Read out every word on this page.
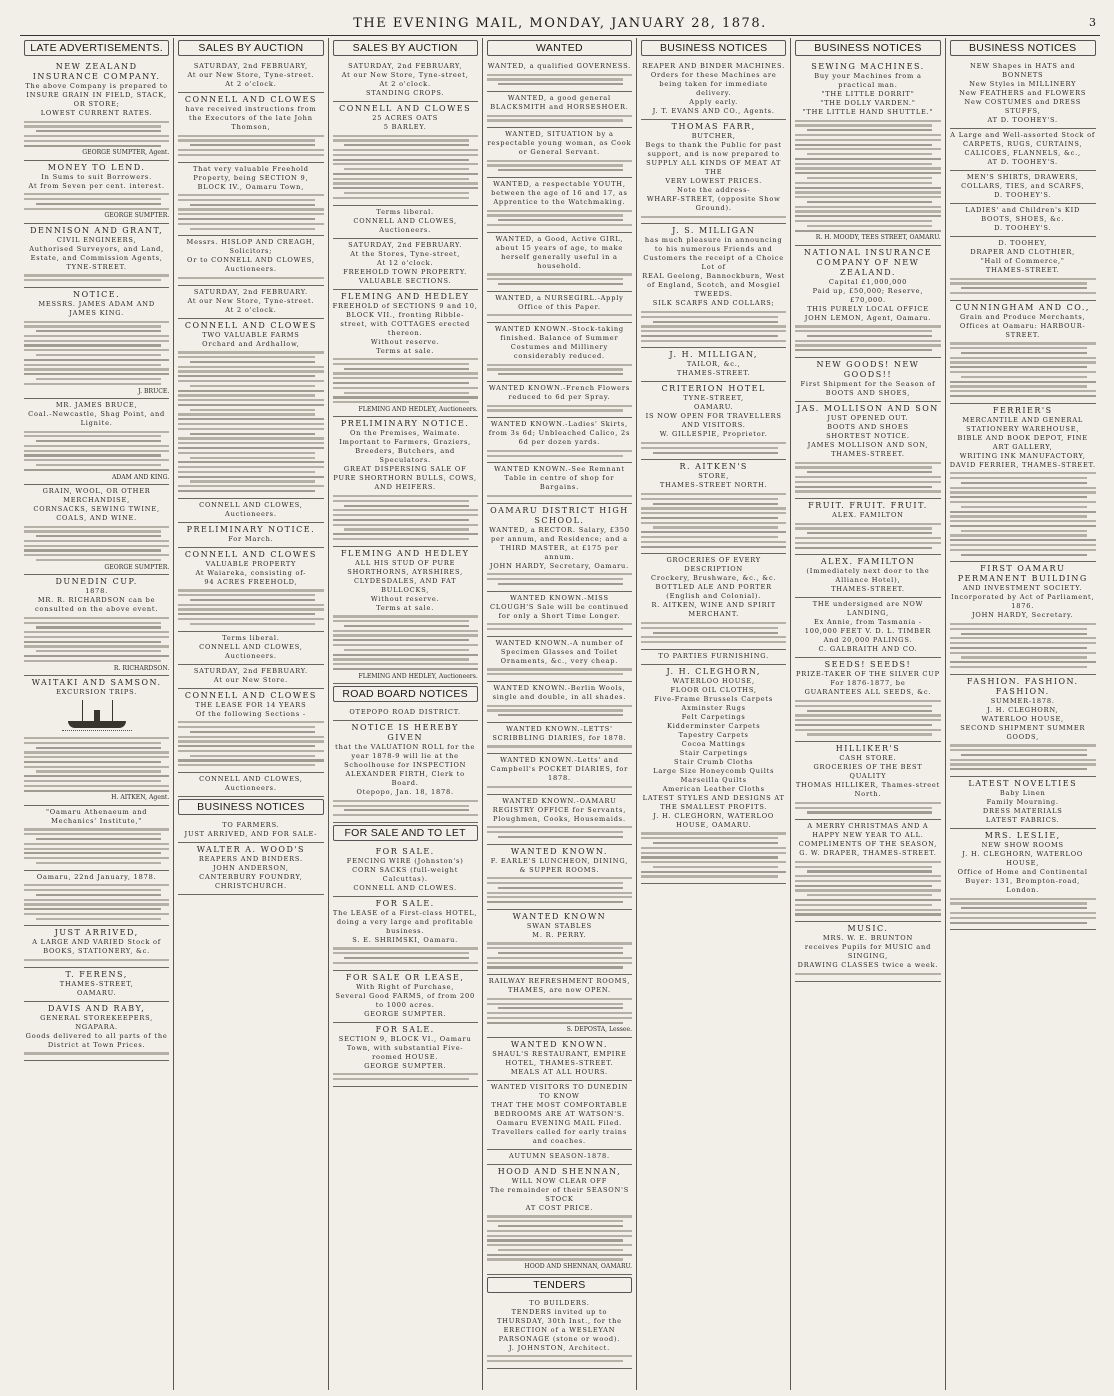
THE EVENING MAIL, MONDAY, JANUARY 28, 1878.	3
LATE ADVERTISEMENTS.

NEW ZEALAND INSURANCE COMPANY.

The above Company is prepared to INSURE GRAIN IN FIELD, STACK, OR STORE;

LOWEST CURRENT RATES.

GEORGE SUMPTER, Agent.

MONEY TO LEND.

In Sums to suit Borrowers.

At from Seven per cent. interest.

GEORGE SUMPTER.

DENNISON AND GRANT,

CIVIL ENGINEERS,

Authorised Surveyors, and Land, Estate, and Commission Agents,

TYNE-STREET.

NOTICE.

MESSRS. JAMES ADAM AND JAMES KING.

J. BRUCE.

MR. JAMES BRUCE,

Coal.-Newcastle, Shag Point, and Lignite.

ADAM AND KING.

GRAIN, WOOL, OR OTHER MERCHANDISE,

CORNSACKS, SEWING TWINE, COALS, AND WINE.

GEORGE SUMPTER.

DUNEDIN CUP.

1878.

MR. R. RICHARDSON can be consulted on the above event.

R. RICHARDSON.

WAITAKI AND SAMSON.

EXCURSION TRIPS.

H. AITKEN, Agent.

"Oamaru Athenaeum and Mechanics' Institute,"

Oamaru, 22nd January, 1878.

JUST ARRIVED,

A LARGE AND VARIED Stock of BOOKS, STATIONERY, &c.

T. FERENS,

THAMES-STREET,

OAMARU.

DAVIS AND RABY,

GENERAL STOREKEEPERS,

NGAPARA.

Goods delivered to all parts of the District at Town Prices.

SALES BY AUCTION

SATURDAY, 2nd FEBRUARY,

At our New Store, Tyne-street.

At 2 o'clock.

CONNELL AND CLOWES

have received instructions from the Executors of the late John Thomson,

That very valuable Freehold Property, being SECTION 9, BLOCK IV., Oamaru Town,

Messrs. HISLOP AND CREAGH, Solicitors;

Or to CONNELL AND CLOWES, Auctioneers.

SATURDAY, 2nd FEBRUARY.

At our New Store, Tyne-street.

At 2 o'clock.

CONNELL AND CLOWES

TWO VALUABLE FARMS

Orchard and Ardhallow,

CONNELL AND CLOWES, Auctioneers.

PRELIMINARY NOTICE.

For March.

CONNELL AND CLOWES

VALUABLE PROPERTY

At Waiareka, consisting of-

94 ACRES FREEHOLD,

Terms liberal.

CONNELL AND CLOWES, Auctioneers.

SATURDAY, 2nd FEBRUARY.

At our New Store.

CONNELL AND CLOWES

THE LEASE FOR 14 YEARS

Of the following Sections -

CONNELL AND CLOWES, Auctioneers.

BUSINESS NOTICES

TO FARMERS.

JUST ARRIVED, AND FOR SALE-

WALTER A. WOOD'S

REAPERS AND BINDERS.

JOHN ANDERSON,

CANTERBURY FOUNDRY,

CHRISTCHURCH.

SALES BY AUCTION

SATURDAY, 2nd FEBRUARY,

At our New Store, Tyne-street,

At 2 o'clock.

STANDING CROPS.

CONNELL AND CLOWES

25 ACRES OATS

5 BARLEY.

Terms liberal.

CONNELL AND CLOWES, Auctioneers.

SATURDAY, 2nd FEBRUARY.

At the Stores, Tyne-street,

At 12 o'clock.

FREEHOLD TOWN PROPERTY.

VALUABLE SECTIONS.

FLEMING AND HEDLEY

FREEHOLD of SECTIONS 9 and 10, BLOCK VII., fronting Ribble-street, with COTTAGES erected thereon.

Without reserve.

Terms at sale.

FLEMING AND HEDLEY, Auctioneers.

PRELIMINARY NOTICE.

On the Premises, Waimate.

Important to Farmers, Graziers, Breeders, Butchers, and Speculators.

GREAT DISPERSING SALE OF PURE SHORTHORN BULLS, COWS, AND HEIFERS.

FLEMING AND HEDLEY

ALL HIS STUD OF PURE SHORTHORNS, AYRSHIRES, CLYDESDALES, AND FAT BULLOCKS,

Without reserve.

Terms at sale.

FLEMING AND HEDLEY, Auctioneers.

ROAD BOARD NOTICES

OTEPOPO ROAD DISTRICT.

NOTICE IS HEREBY GIVEN

that the VALUATION ROLL for the year 1878-9 will lie at the Schoolhouse for INSPECTION

ALEXANDER FIRTH, Clerk to Board.

Otepopo, Jan. 18, 1878.

FOR SALE AND TO LET

FOR SALE.

FENCING WIRE (Johnston's)

CORN SACKS (full-weight Calcuttas).

CONNELL AND CLOWES.

FOR SALE.

The LEASE of a First-class HOTEL, doing a very large and profitable business.

S. E. SHRIMSKI, Oamaru.

FOR SALE OR LEASE,

With Right of Purchase,

Several Good FARMS, of from 200 to 1000 acres.

GEORGE SUMPTER.

FOR SALE.

SECTION 9, BLOCK VI., Oamaru Town, with substantial Five-roomed HOUSE.

GEORGE SUMPTER.

WANTED

WANTED, a qualified GOVERNESS.

WANTED, a good general BLACKSMITH and HORSESHOER.

WANTED, SITUATION by a respectable young woman, as Cook or General Servant.

WANTED, a respectable YOUTH, between the age of 16 and 17, as Apprentice to the Watchmaking.

WANTED, a Good, Active GIRL, about 15 years of age, to make herself generally useful in a household.

WANTED, a NURSEGIRL.-Apply Office of this Paper.

WANTED KNOWN.-Stock-taking finished. Balance of Summer Costumes and Millinery considerably reduced.

WANTED KNOWN.-French Flowers reduced to 6d per Spray.

WANTED KNOWN.-Ladies' Skirts, from 3s 6d; Unbleached Calico, 2s 6d per dozen yards.

WANTED KNOWN.-See Remnant Table in centre of shop for Bargains.

OAMARU DISTRICT HIGH SCHOOL.

WANTED, a RECTOR. Salary, £350 per annum, and Residence; and a THIRD MASTER, at £175 per annum.

JOHN HARDY, Secretary, Oamaru.

WANTED KNOWN.-MISS CLOUGH'S Sale will be continued for only a Short Time Longer.

WANTED KNOWN.-A number of Specimen Glasses and Toilet Ornaments, &c., very cheap.

WANTED KNOWN.-Berlin Wools, single and double, in all shades.

WANTED KNOWN.-LETTS' SCRIBBLING DIARIES, for 1878.

WANTED KNOWN.-Letts' and Campbell's POCKET DIARIES, for 1878.

WANTED KNOWN.-OAMARU REGISTRY OFFICE for Servants, Ploughmen, Cooks, Housemaids.

WANTED KNOWN.

F. EARLE'S LUNCHEON, DINING, & SUPPER ROOMS.

WANTED KNOWN

SWAN STABLES

M. R. PERRY.

RAILWAY REFRESHMENT ROOMS, THAMES, are now OPEN.

S. DEPOSTA, Lessee.

WANTED KNOWN.

SHAUL'S RESTAURANT, EMPIRE HOTEL, THAMES-STREET.

MEALS AT ALL HOURS.

WANTED VISITORS TO DUNEDIN TO KNOW

THAT THE MOST COMFORTABLE BEDROOMS ARE AT WATSON'S.

Oamaru EVENING MAIL Filed.

Travellers called for early trains and coaches.

AUTUMN SEASON-1878.

HOOD AND SHENNAN,

WILL NOW CLEAR OFF

The remainder of their SEASON'S STOCK

AT COST PRICE.

HOOD AND SHENNAN, OAMARU.

TENDERS

TO BUILDERS.

TENDERS invited up to THURSDAY, 30th Inst., for the ERECTION of a WESLEYAN PARSONAGE (stone or wood).

J. JOHNSTON, Architect.

BUSINESS NOTICES

REAPER AND BINDER MACHINES.

Orders for these Machines are being taken for immediate delivery.

Apply early.

J. T. EVANS AND CO., Agents.

THOMAS FARR,

BUTCHER,

Begs to thank the Public for past support, and is now prepared to

SUPPLY ALL KINDS OF MEAT AT THE

VERY LOWEST PRICES.

Note the address-

WHARF-STREET, (opposite Show Ground).

J. S. MILLIGAN

has much pleasure in announcing to his numerous Friends and Customers the receipt of a Choice Lot of

REAL Geelong, Bannockburn, West of England, Scotch, and Mosgiel TWEEDS.

SILK SCARFS AND COLLARS;

J. H. MILLIGAN,

TAILOR, &c.,

THAMES-STREET.

CRITERION HOTEL

TYNE-STREET,

OAMARU.

IS NOW OPEN FOR TRAVELLERS AND VISITORS.

W. GILLESPIE, Proprietor.

R. AITKEN'S

STORE,

THAMES-STREET NORTH.

GROCERIES OF EVERY DESCRIPTION

Crockery, Brushware, &c., &c.

BOTTLED ALE AND PORTER (English and Colonial).

R. AITKEN, WINE AND SPIRIT MERCHANT.

TO PARTIES FURNISHING.

J. H. CLEGHORN,

WATERLOO HOUSE,

FLOOR OIL CLOTHS,

Five-Frame Brussels Carpets

Axminster Rugs

Felt Carpetings

Kidderminster Carpets

Tapestry Carpets

Cocoa Mattings

Stair Carpetings

Stair Crumb Cloths

Large Size Honeycomb Quilts

Marseilla Quilts

American Leather Cloths

LATEST STYLES AND DESIGNS AT THE SMALLEST PROFITS.

J. H. CLEGHORN, WATERLOO HOUSE, OAMARU.

BUSINESS NOTICES

SEWING MACHINES.

Buy your Machines from a practical man.

"THE LITTLE DORRIT"

"THE DOLLY VARDEN."

"THE LITTLE HAND SHUTTLE."

R. H. MOODY, TEES STREET, OAMARU.

NATIONAL INSURANCE COMPANY OF NEW ZEALAND.

Capital £1,000,000

Paid up, £50,000; Reserve, £70,000.

THIS PURELY LOCAL OFFICE

JOHN LEMON, Agent, Oamaru.

NEW GOODS! NEW GOODS!!

First Shipment for the Season of BOOTS AND SHOES,

JAS. MOLLISON AND SON

JUST OPENED OUT.

BOOTS AND SHOES

SHORTEST NOTICE.

JAMES MOLLISON AND SON, THAMES-STREET.

FRUIT. FRUIT. FRUIT.

ALEX. FAMILTON

ALEX. FAMILTON

(Immediately next door to the Alliance Hotel),

THAMES-STREET.

THE undersigned are NOW LANDING,

Ex Annie, from Tasmania -

100,000 FEET V. D. L. TIMBER

And 20,000 PALINGS.

C. GALBRAITH AND CO.

SEEDS! SEEDS!

PRIZE-TAKER OF THE SILVER CUP

For 1876-1877, be

GUARANTEES ALL SEEDS, &c.

HILLIKER'S

CASH STORE.

GROCERIES OF THE BEST QUALITY

THOMAS HILLIKER, Thames-street North.

A MERRY CHRISTMAS AND A HAPPY NEW YEAR TO ALL.

COMPLIMENTS OF THE SEASON,

G. W. DRAPER, THAMES-STREET.

MUSIC.

MRS. W. E. BRUNTON

receives Pupils for MUSIC and SINGING,

DRAWING CLASSES twice a week.

BUSINESS NOTICES

NEW Shapes in HATS and BONNETS

New Styles in MILLINERY

New FEATHERS and FLOWERS

New COSTUMES and DRESS STUFFS,

AT D. TOOHEY'S.

A Large and Well-assorted Stock of CARPETS, RUGS, CURTAINS, CALICOES, FLANNELS, &c.,

AT D. TOOHEY'S.

MEN'S SHIRTS, DRAWERS, COLLARS, TIES, and SCARFS,

D. TOOHEY'S.

LADIES' and Children's KID BOOTS, SHOES, &c.

D. TOOHEY'S.

D. TOOHEY,

DRAPER AND CLOTHIER,

"Hall of Commerce,"

THAMES-STREET.

CUNNINGHAM AND CO.,

Grain and Produce Merchants,

Offices at Oamaru: HARBOUR-STREET.

FERRIER'S

MERCANTILE AND GENERAL STATIONERY WAREHOUSE,

BIBLE AND BOOK DEPOT, FINE ART GALLERY,

WRITING INK MANUFACTORY,

DAVID FERRIER, THAMES-STREET.

FIRST OAMARU PERMANENT BUILDING

AND INVESTMENT SOCIETY.

Incorporated by Act of Parliament, 1876.

JOHN HARDY, Secretary.

FASHION. FASHION. FASHION.

SUMMER-1878.

J. H. CLEGHORN,

WATERLOO HOUSE,

SECOND SHIPMENT SUMMER GOODS,

LATEST NOVELTIES

Baby Linen

Family Mourning.

DRESS MATERIALS

LATEST FABRICS.

MRS. LESLIE,

NEW SHOW ROOMS

J. H. CLEGHORN, WATERLOO HOUSE,

Office of Home and Continental Buyer: 131, Brompton-road, London.
